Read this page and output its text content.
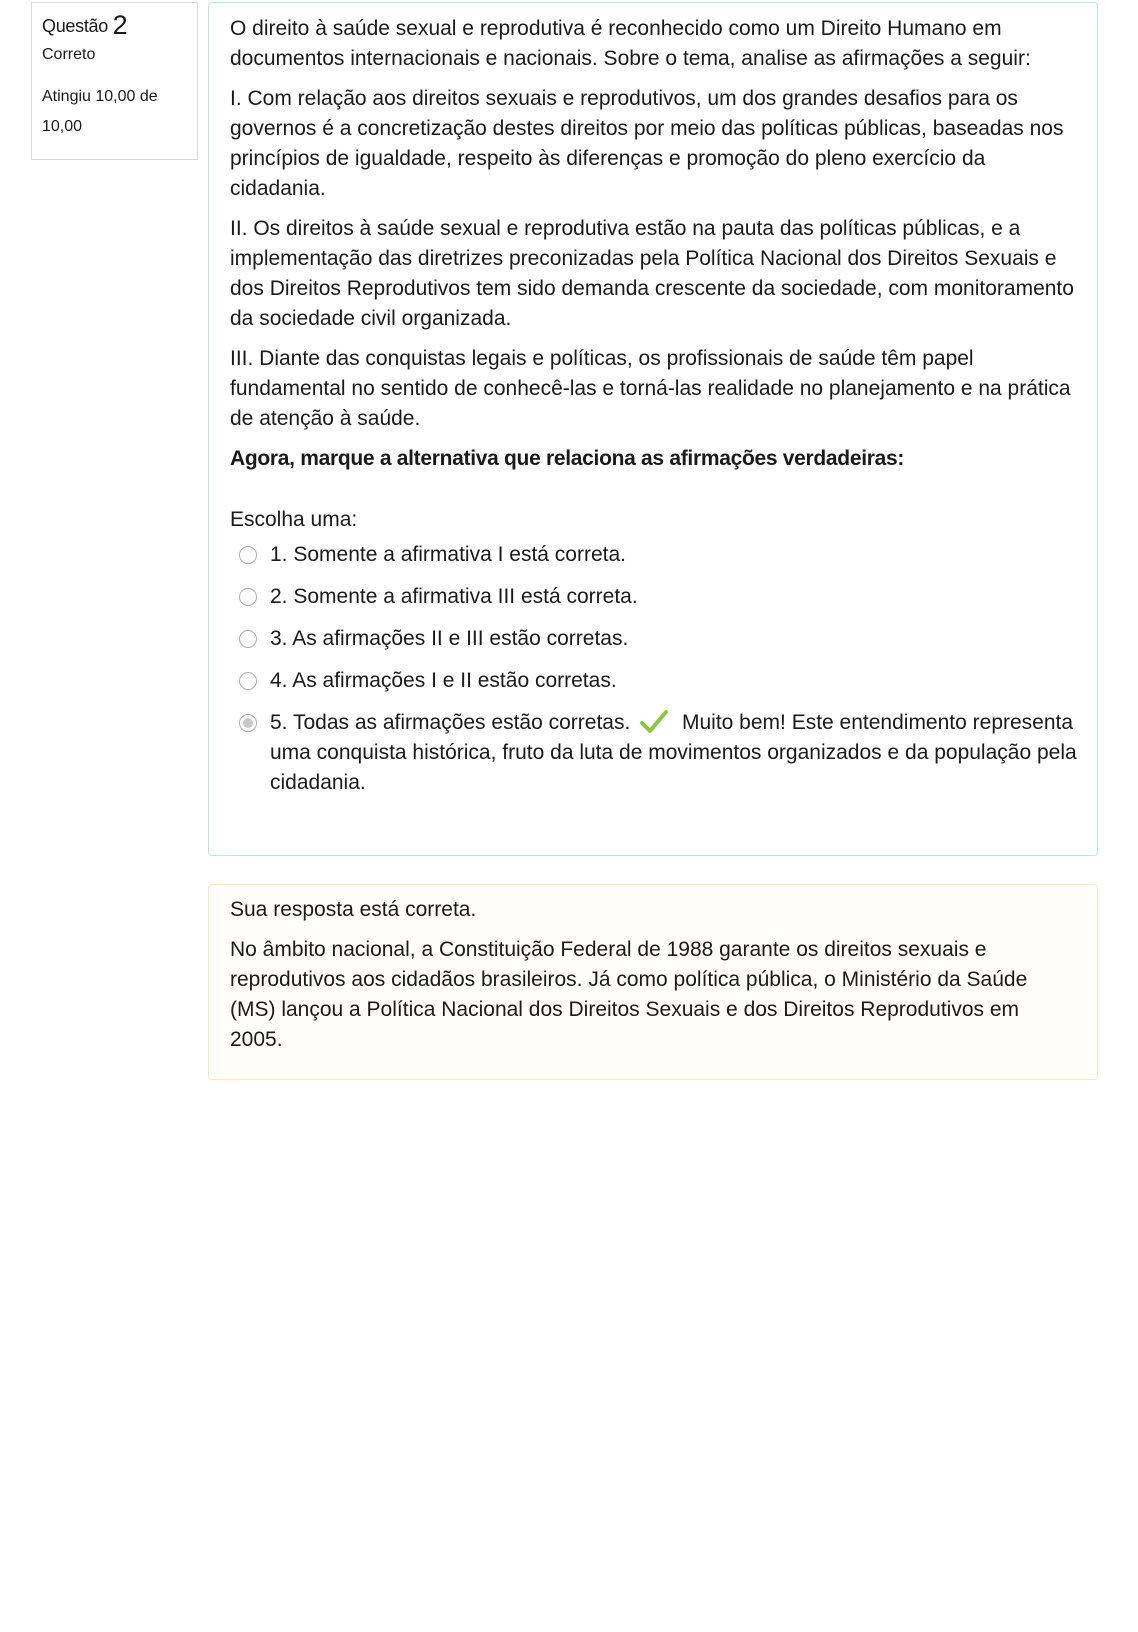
Questão 2
Correto
Atingiu 10,00 de 10,00

O direito à saúde sexual e reprodutiva é reconhecido como um Direito Humano em documentos internacionais e nacionais. Sobre o tema, analise as afirmações a seguir:

I. Com relação aos direitos sexuais e reprodutivos, um dos grandes desafios para os governos é a concretização destes direitos por meio das políticas públicas, baseadas nos princípios de igualdade, respeito às diferenças e promoção do pleno exercício da cidadania.

II. Os direitos à saúde sexual e reprodutiva estão na pauta das políticas públicas, e a implementação das diretrizes preconizadas pela Política Nacional dos Direitos Sexuais e dos Direitos Reprodutivos tem sido demanda crescente da sociedade, com monitoramento da sociedade civil organizada.

III. Diante das conquistas legais e políticas, os profissionais de saúde têm papel fundamental no sentido de conhecê-las e torná-las realidade no planejamento e na prática de atenção à saúde.

Agora, marque a alternativa que relaciona as afirmações verdadeiras:

Escolha uma:
1. Somente a afirmativa I está correta.
2. Somente a afirmativa III está correta.
3. As afirmações II e III estão corretas.
4. As afirmações I e II estão corretas.
5. Todas as afirmações estão corretas. Muito bem! Este entendimento representa uma conquista histórica, fruto da luta de movimentos organizados e da população pela cidadania.

Sua resposta está correta.

No âmbito nacional, a Constituição Federal de 1988 garante os direitos sexuais e reprodutivos aos cidadãos brasileiros. Já como política pública, o Ministério da Saúde (MS) lançou a Política Nacional dos Direitos Sexuais e dos Direitos Reprodutivos em 2005.
